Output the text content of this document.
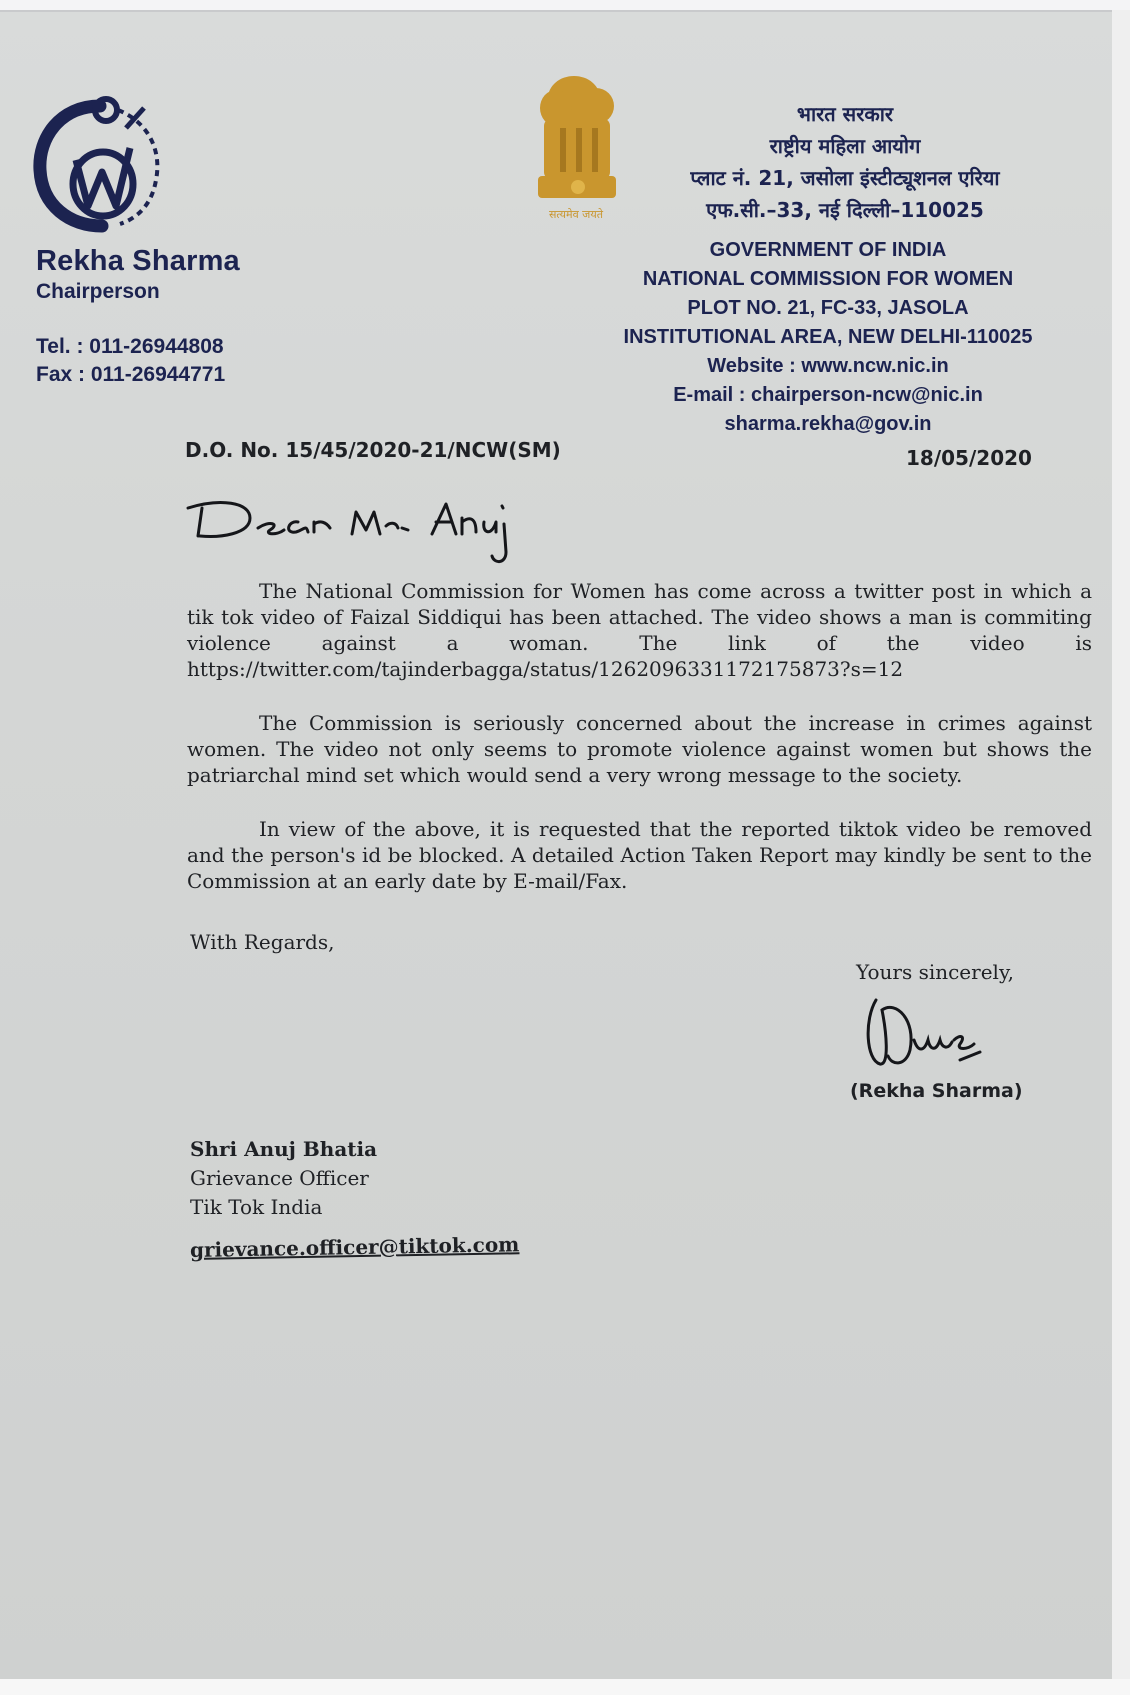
Rekha Sharma
Chairperson
Tel. : 011-26944808
Fax : 011-26944771
सत्यमेव जयते
भारत सरकार
राष्ट्रीय महिला आयोग
प्लाट नं. 21, जसोला इंस्टीट्यूशनल एरिया
एफ.सी.–33, नई दिल्ली–110025
GOVERNMENT OF INDIA
NATIONAL COMMISSION FOR WOMEN
PLOT NO. 21, FC-33, JASOLA
INSTITUTIONAL AREA, NEW DELHI-110025
Website : www.ncw.nic.in
E-mail : chairperson-ncw@nic.in
sharma.rekha@gov.in
D.O. No. 15/45/2020-21/NCW(SM)	18/05/2020

The National Commission for Women has come across a twitter post in which a tik tok video of Faizal Siddiqui has been attached. The video shows a man is commiting violence against a woman. The link of the video is https://twitter.com/tajinderbagga/status/1262096331172175873?s=12

The Commission is seriously concerned about the increase in crimes against women. The video not only seems to promote violence against women but shows the patriarchal mind set which would send a very wrong message to the society.

In view of the above, it is requested that the reported tiktok video be removed and the person's id be blocked. A detailed Action Taken Report may kindly be sent to the Commission at an early date by E-mail/Fax.

With Regards,
Yours sincerely,
(Rekha Sharma)
Shri Anuj Bhatia
Grievance Officer
Tik Tok India
grievance.officer@tiktok.com
